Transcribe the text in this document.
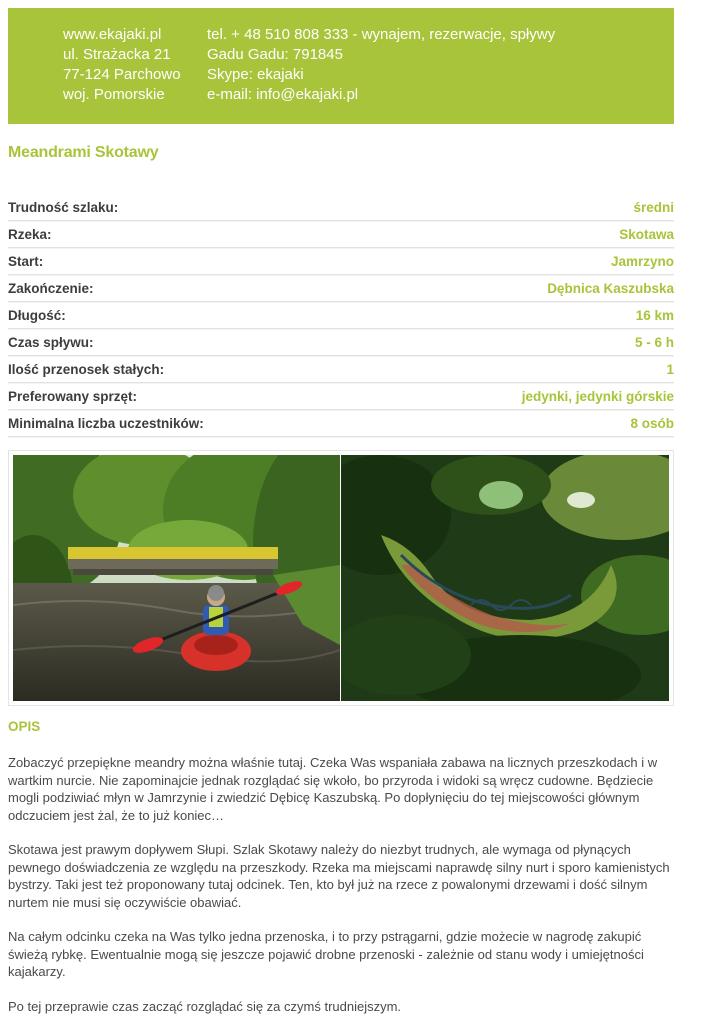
www.ekajaki.pl
ul. Strażacka 21
77-124 Parchowo
woj. Pomorskie
tel. + 48 510 808 333 - wynajem, rezerwacje, spływy
Gadu Gadu: 791845
Skype: ekajaki
e-mail: info@ekajaki.pl
Meandrami Skotawy
Trudność szlaku:	średni
Rzeka:	Skotawa
Start:	Jamrzyno
Zakończenie:	Dębnica Kaszubska
Długość:	16 km
Czas spływu:	5 - 6 h
Ilość przenosek stałych:	1
Preferowany sprzęt:	jedynki, jedynki górskie
Minimalna liczba uczestników:	8 osób
OPIS

Zobaczyć przepiękne meandry można właśnie tutaj. Czeka Was wspaniała zabawa na licznych przeszkodach i w wartkim nurcie. Nie zapominajcie jednak rozglądać się wkoło, bo przyroda i widoki są wręcz cudowne. Będziecie mogli podziwiać młyn w Jamrzynie i zwiedzić Dębicę Kaszubską. Po dopłynięciu do tej miejscowości głównym odczuciem jest żal, że to już koniec…

Skotawa jest prawym dopływem Słupi. Szlak Skotawy należy do niezbyt trudnych, ale wymaga od płynących pewnego doświadczenia ze względu na przeszkody. Rzeka ma miejscami naprawdę silny nurt i sporo kamienistych bystrzy. Taki jest też proponowany tutaj odcinek. Ten, kto był już na rzece z powalonymi drzewami i dość silnym nurtem nie musi się oczywiście obawiać.

Na całym odcinku czeka na Was tylko jedna przenoska, i to przy pstrągarni, gdzie możecie w nagrodę zakupić świeżą rybkę. Ewentualnie mogą się jeszcze pojawić drobne przenoski - zależnie od stanu wody i umiejętności kajakarzy.

Po tej przeprawie czas zacząć rozglądać się za czymś trudniejszym.
